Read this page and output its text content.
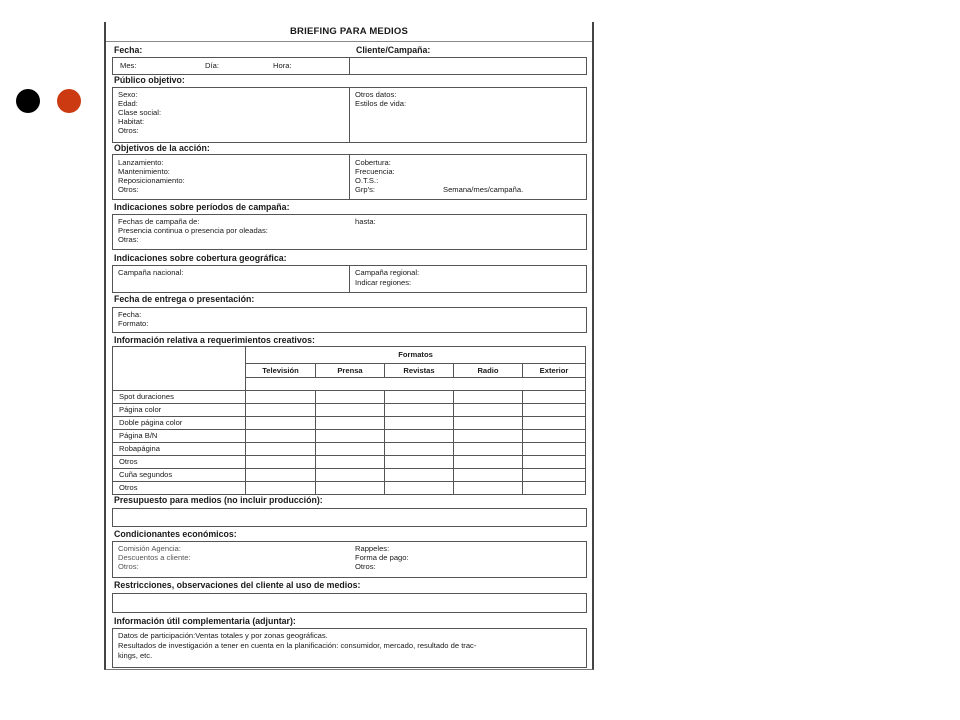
BRIEFING PARA MEDIOS
Fecha:	Cliente/Campaña:
Mes:	Día:	Hora:
Público objetivo:
Sexo:
Edad:
Clase social:
Habitat:
Otros:
Otros datos:
Estilos de vida:
Objetivos de la acción:
Lanzamiento:
Mantenimiento:
Reposicionamiento:
Otros:
Cobertura:
Frecuencia:
O.T.S.:
Grp's:	Semana/mes/campaña.
Indicaciones sobre períodos de campaña:
Fechas de campaña de:
Presencia continua o presencia por oleadas:
Otras:
hasta:
Indicaciones sobre cobertura geográfica:
Campaña nacional:	Campaña regional:
Indicar regiones:
Fecha de entrega o presentación:
Fecha:
Formato:
Información relativa a requerimientos creativos:
	Formatos				
	Televisión	Prensa	Revistas	Radio	Exterior

Spot duraciones					
Página color					
Doble página color					
Página B/N					
Robapágina					
Otros					
Cuña segundos					
Otros					
Presupuesto para medios (no incluir producción):
Condicionantes económicos:
Comisión Agencia:
Descuentos a cliente:
Otros:
Rappeles:
Forma de pago:
Otros:
Restricciones, observaciones del cliente al uso de medios:
Información útil complementaria (adjuntar):
Datos de participación:Ventas totales y por zonas geográficas.
Resultados de investigación a tener en cuenta en la planificación: consumidor, mercado, resultado de trac-
kings, etc.
